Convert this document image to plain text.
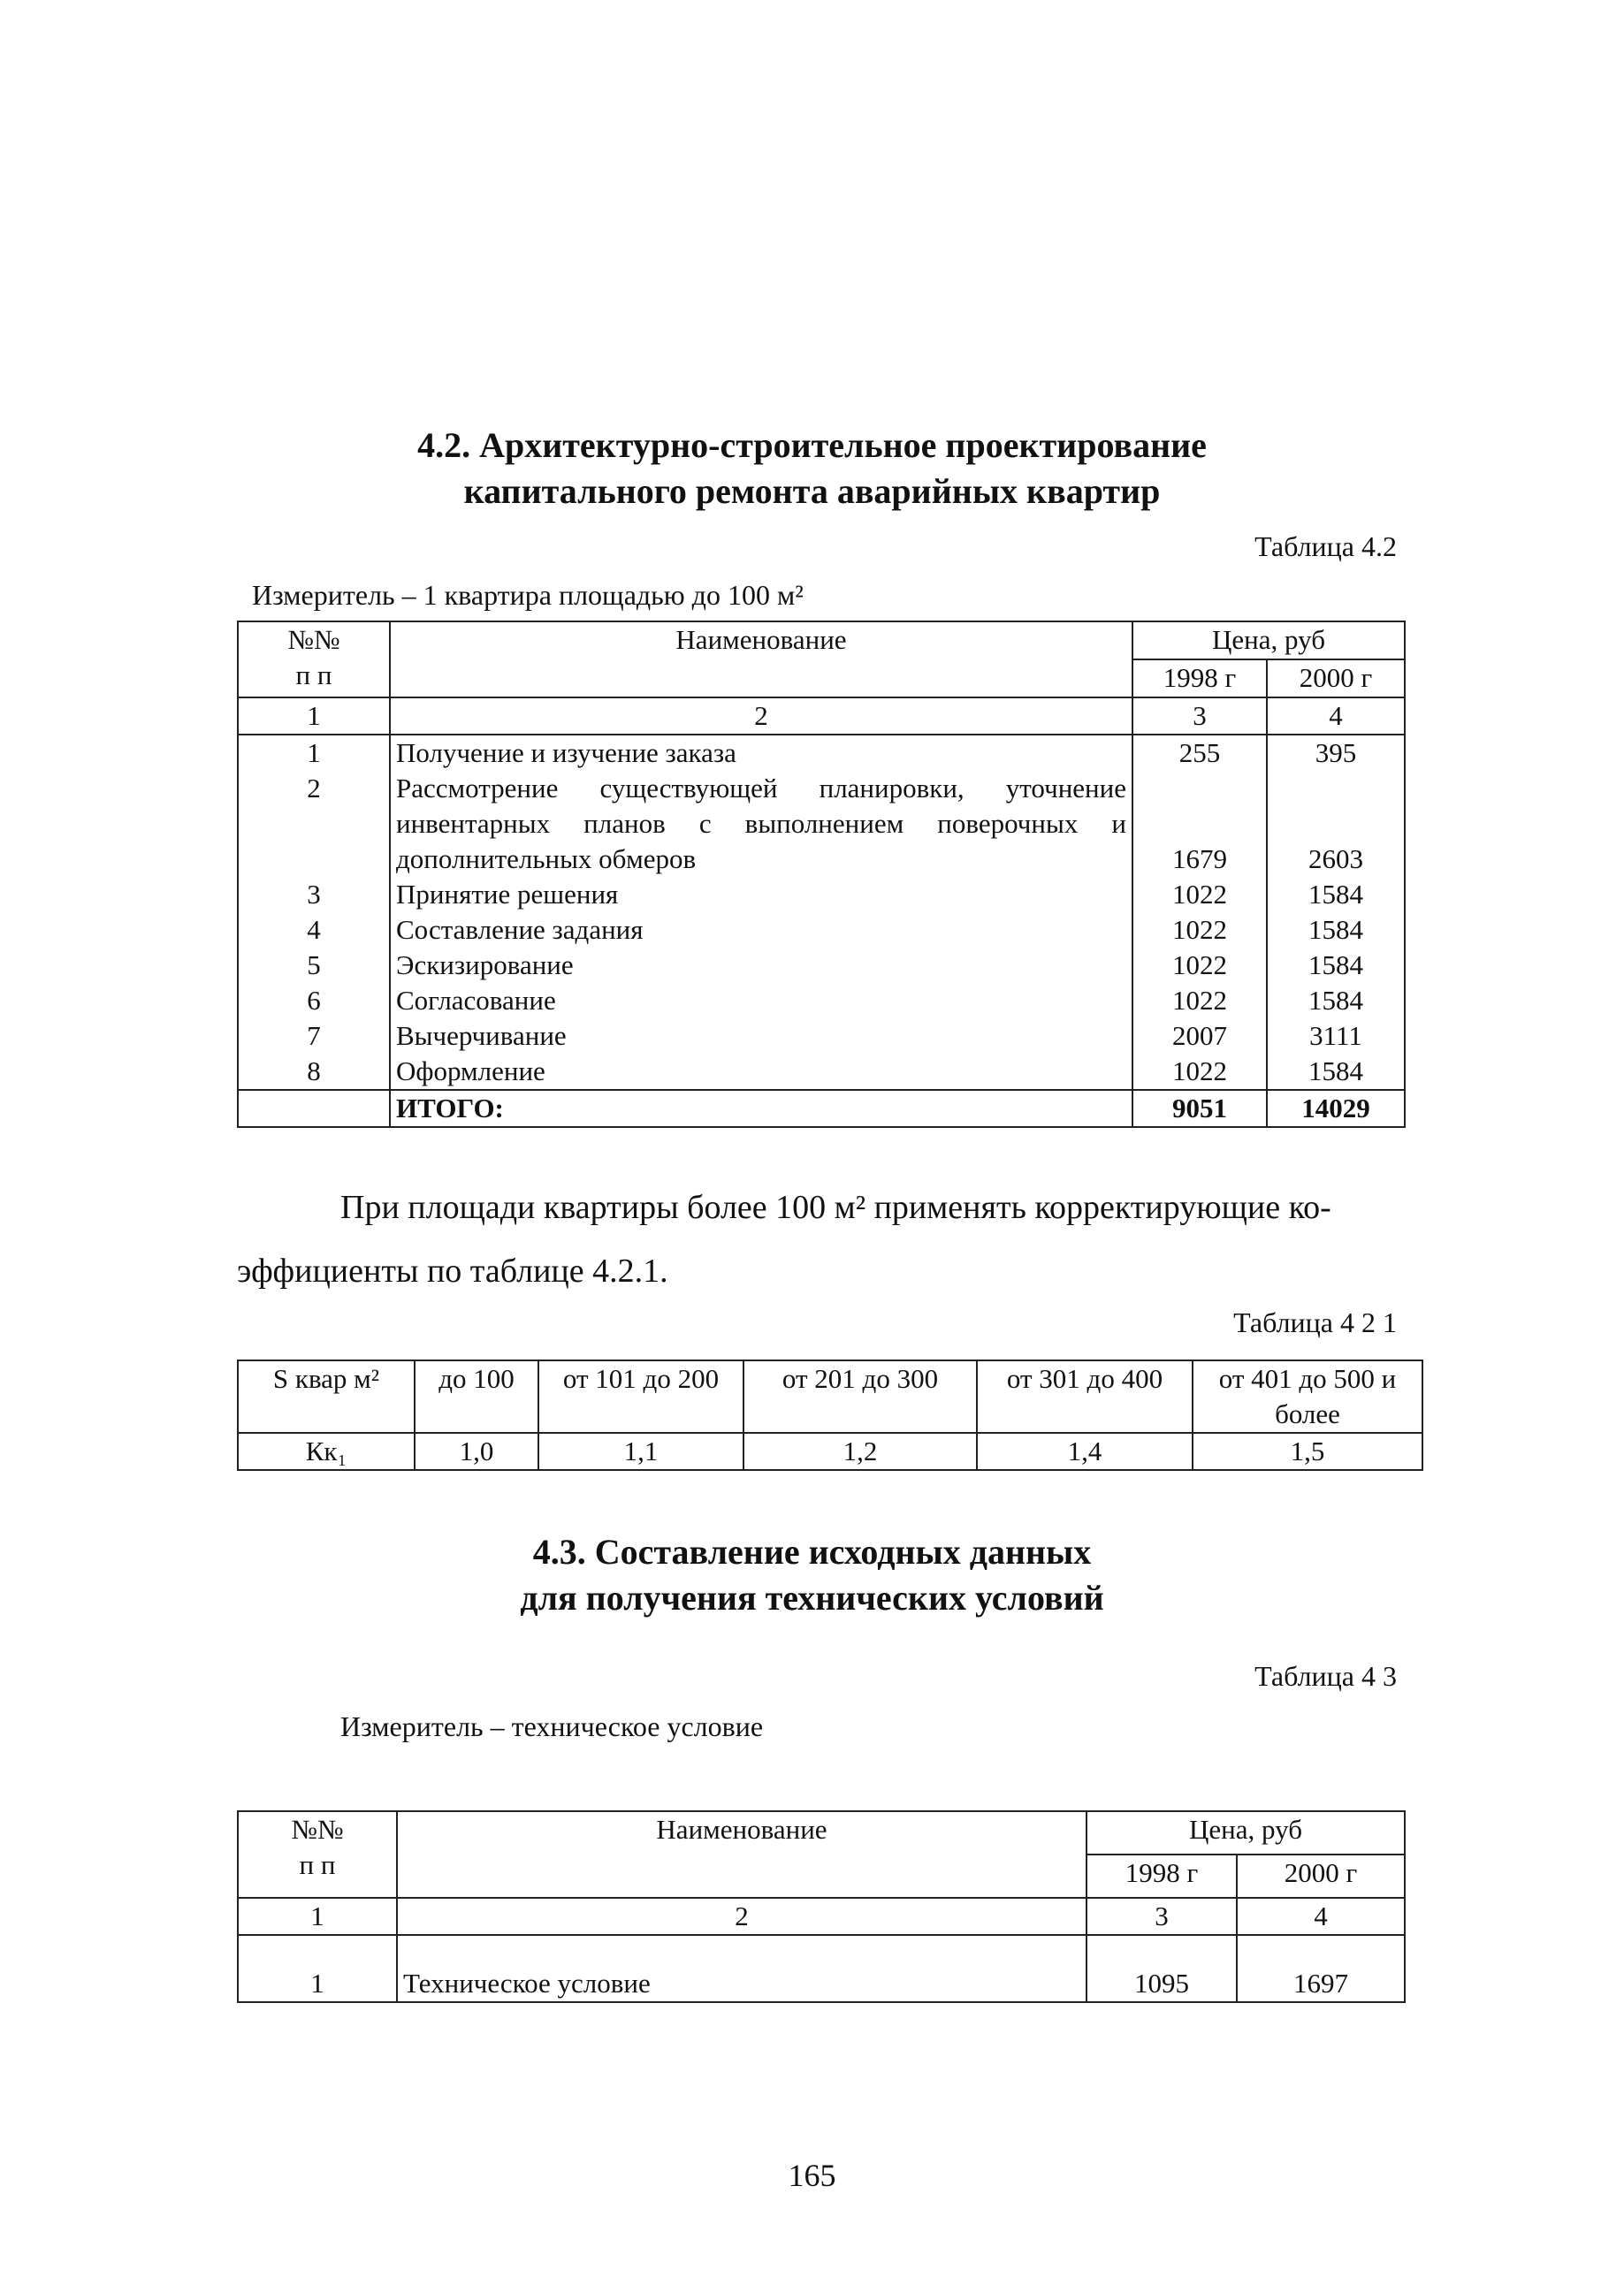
4.2. Архитектурно-строительное проектирование
капитального ремонта аварийных квартир
Таблица 4.2
Измеритель – 1 квартира площадью до 100 м²
№№
п п	Наименование	Цена, руб	
		1998 г	2000 г
1	2	3	4
1	Получение и изучение заказа	255	395
2	Рассмотрение существующей планировки, уточнение инвентарных планов с выполнением поверочных и дополнительных обмеров	1679	2603
3	Принятие решения	1022	1584
4	Составление задания	1022	1584
5	Эскизирование	1022	1584
6	Согласование	1022	1584
7	Вычерчивание	2007	3111
8	Оформление	1022	1584
	ИТОГО:	9051	14029
При площади квартиры более 100 м² применять корректирующие ко-
эффициенты по таблице 4.2.1.
Таблица 4 2 1
S квар м²	до 100	от 101 до 200	от 201 до 300	от 301 до 400	от 401 до 500 и более
Кк₁	1,0	1,1	1,2	1,4	1,5
4.3. Составление исходных данных
для получения технических условий
Таблица 4 3
Измеритель – техническое условие
№№
п п	Наименование	Цена, руб	
		1998 г	2000 г
1	2	3	4
1	Техническое условие	1095	1697
165
